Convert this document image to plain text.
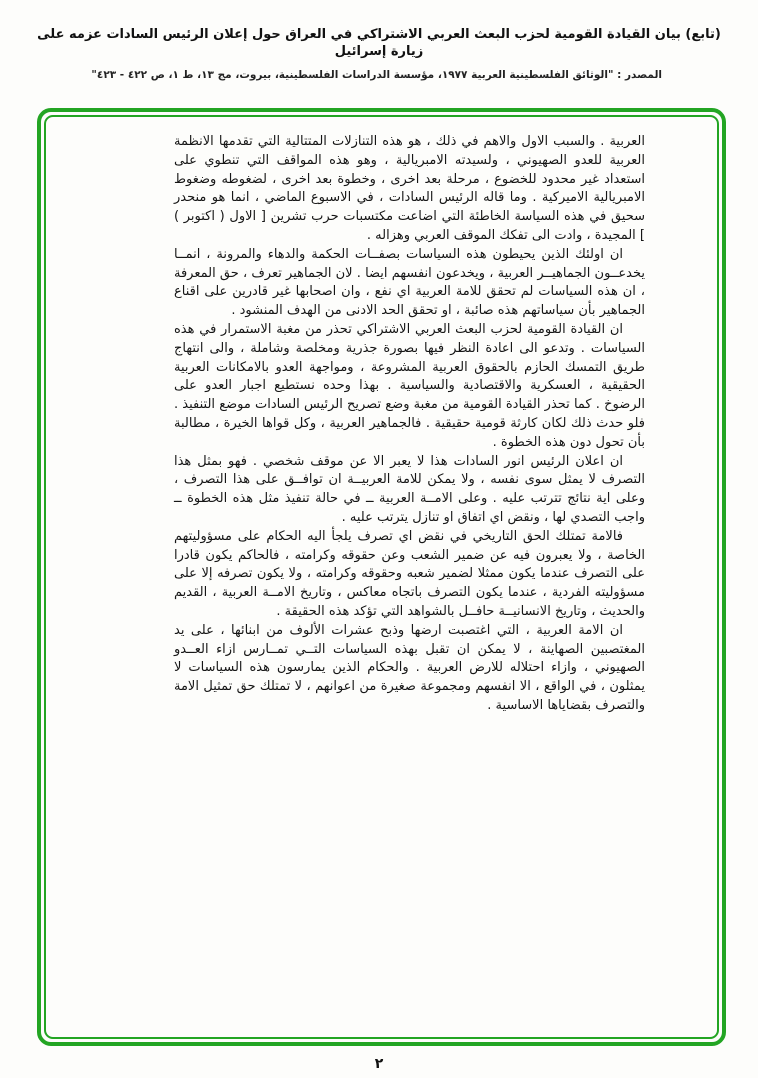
(تابع) بيان القيادة القومية لحزب البعث العربي الاشتراكي في العراق حول إعلان الرئيس السادات عزمه على زيارة إسرائيل
المصدر : "الوثائق الفلسطينية العربية ١٩٧٧، مؤسسة الدراسات الفلسطينية، بيروت، مج ١٣، ط ١، ص ٤٢٢ - ٤٢٣"

العربية . والسبب الاول والاهم في ذلك ، هو هذه التنازلات المتتالية التي تقدمها الانظمة العربية للعدو الصهيوني ، ولسيدته الامبريالية ، وهو هذه المواقف التي تنطوي على استعداد غير محدود للخضوع ، مرحلة بعد اخرى ، وخطوة بعد اخرى ، لضغوطه وضغوط الامبريالية الاميركية . وما قاله الرئيس السادات ، في الاسبوع الماضي ، انما هو منحدر سحيق في هذه السياسة الخاطئة التي اضاعت مكتسبات حرب تشرين [ الاول ( اكتوبر ) ] المجيدة ، وادت الى تفكك الموقف العربي وهزاله .

ان اولئك الذين يحيطون هذه السياسات بصفــات الحكمة والدهاء والمرونة ، انمــا يخدعــون الجماهيــر العربية ، ويخدعون انفسهم ايضا . لان الجماهير تعرف ، حق المعرفة ، ان هذه السياسات لم تحقق للامة العربية اي نفع ، وان اصحابها غير قادرين على اقناع الجماهير بأن سياساتهم هذه صائبة ، او تحقق الحد الادنى من الهدف المنشود .

ان القيادة القومية لحزب البعث العربي الاشتراكي تحذر من مغبة الاستمرار في هذه السياسات . وتدعو الى اعادة النظر فيها بصورة جذرية ومخلصة وشاملة ، والى انتهاج طريق التمسك الحازم بالحقوق العربية المشروعة ، ومواجهة العدو بالامكانات العربية الحقيقية ، العسكرية والاقتصادية والسياسية . بهذا وحده نستطيع اجبار العدو على الرضوخ . كما تحذر القيادة القومية من مغبة وضع تصريح الرئيس السادات موضع التنفيذ . فلو حدث ذلك لكان كارثة قومية حقيقية . فالجماهير العربية ، وكل قواها الخيرة ، مطالبة بأن تحول دون هذه الخطوة .

ان اعلان الرئيس انور السادات هذا لا يعبر الا عن موقف شخصي . فهو بمثل هذا التصرف لا يمثل سوى نفسه ، ولا يمكن للامة العربيــة ان توافــق على هذا التصرف ، وعلى اية نتائج تترتب عليه . وعلى الامــة العربية ــ في حالة تنفيذ مثل هذه الخطوة ــ واجب التصدي لها ، ونقض اي اتفاق او تنازل يترتب عليه .

فالامة تمتلك الحق التاريخي في نقض اي تصرف يلجأ اليه الحكام على مسؤوليتهم الخاصة ، ولا يعبرون فيه عن ضمير الشعب وعن حقوقه وكرامته ، فالحاكم يكون قادرا على التصرف عندما يكون ممثلا لضمير شعبه وحقوقه وكرامته ، ولا يكون تصرفه إلا على مسؤوليته الفردية ، عندما يكون التصرف باتجاه معاكس ، وتاريخ الامــة العربية ، القديم والحديث ، وتاريخ الانسانيــة حافــل بالشواهد التي تؤكد هذه الحقيقة .

ان الامة العربية ، التي اغتصبت ارضها وذبح عشرات الألوف من ابنائها ، على يد المغتصبين الصهاينة ، لا يمكن ان تقبل بهذه السياسات التــي تمــارس ازاء العــدو الصهيوني ، وازاء احتلاله للارض العربية . والحكام الذين يمارسون هذه السياسات لا يمثلون ، في الواقع ، الا انفسهم ومجموعة صغيرة من اعوانهم ، لا تمتلك حق تمثيل الامة والتصرف بقضاياها الاساسية .

٢
